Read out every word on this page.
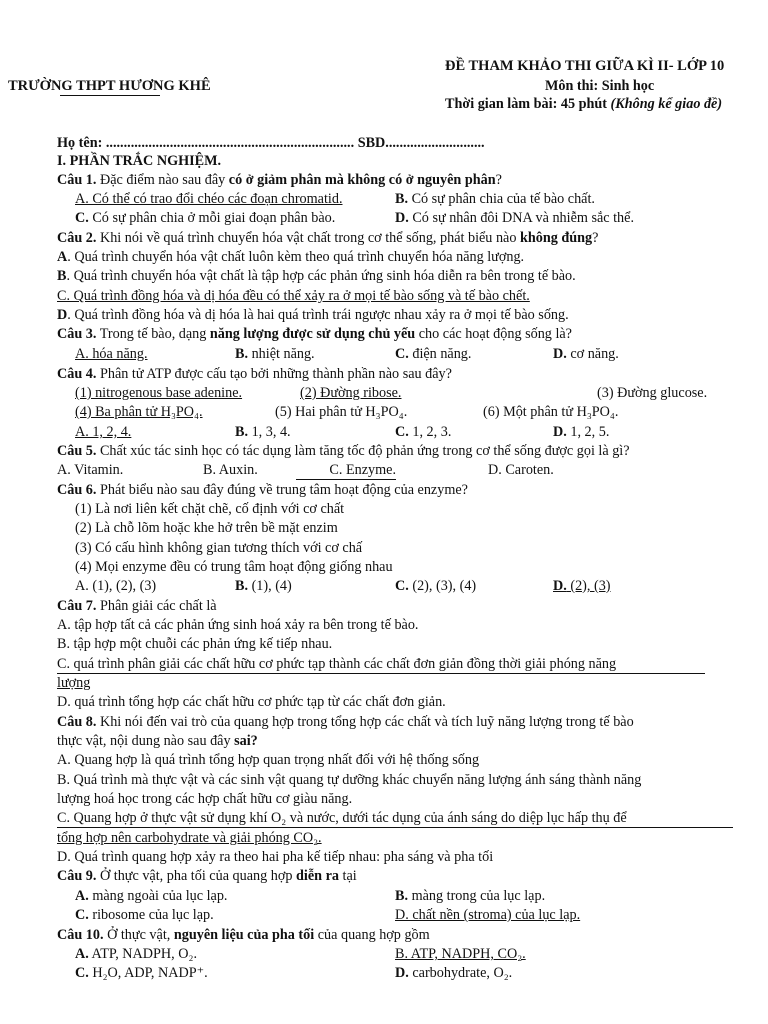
TRƯỜNG THPT HƯƠNG KHÊ
ĐỀ THAM KHẢO THI GIỮA KÌ II- LỚP 10
Môn thi: Sinh học
Thời gian làm bài: 45 phút (Không kể giao đề)
Họ tên: ...................................................................... SBD............................
I. PHẦN TRẮC NGHIỆM.
Câu 1. Đặc điểm nào sau đây có ở giảm phân mà không có ở nguyên phân?
A. Có thể có trao đổi chéo các đoạn chromatid.	B. Có sự phân chia của tế bào chất.
C. Có sự phân chia ở mỗi giai đoạn phân bào.	D. Có sự nhân đôi DNA và nhiễm sắc thể.
Câu 2. Khi nói về quá trình chuyển hóa vật chất trong cơ thể sống, phát biểu nào không đúng?
A. Quá trình chuyển hóa vật chất luôn kèm theo quá trình chuyển hóa năng lượng.
B. Quá trình chuyển hóa vật chất là tập hợp các phản ứng sinh hóa diễn ra bên trong tế bào.
C. Quá trình đồng hóa và dị hóa đều có thể xảy ra ở mọi tế bào sống và tế bào chết.
D. Quá trình đồng hóa và dị hóa là hai quá trình trái ngược nhau xảy ra ở mọi tế bào sống.
Câu 3. Trong tế bào, dạng năng lượng được sử dụng chủ yếu cho các hoạt động sống là?
A. hóa năng.	B. nhiệt năng.	C. điện năng.	D. cơ năng.
Câu 4. Phân tử ATP được cấu tạo bởi những thành phần nào sau đây?
(1) nitrogenous base adenine.	(2) Đường ribose.	(3) Đường glucose.
(4) Ba phân tử H₃PO₄.	(5) Hai phân tử H₃PO₄.	(6) Một phân tử H₃PO₄.
A. 1, 2, 4.	B. 1, 3, 4.	C. 1, 2, 3.	D. 1, 2, 5.
Câu 5. Chất xúc tác sinh học có tác dụng làm tăng tốc độ phản ứng trong cơ thể sống được gọi là gì?
A. Vitamin.	B. Auxin.	C. Enzyme.	D. Caroten.
Câu 6. Phát biểu nào sau đây đúng về trung tâm hoạt động của enzyme?
(1) Là nơi liên kết chặt chẽ, cố định với cơ chất
(2) Là chỗ lõm hoặc khe hở trên bề mặt enzim
(3) Có cấu hình không gian tương thích với cơ chấ
(4) Mọi enzyme đều có trung tâm hoạt động giống nhau
A. (1), (2), (3)	B. (1), (4)	C. (2), (3), (4)	D. (2), (3)
Câu 7. Phân giải các chất là
A. tập hợp tất cả các phản ứng sinh hoá xảy ra bên trong tế bào.
B. tập hợp một chuỗi các phản ứng kế tiếp nhau.
C. quá trình phân giải các chất hữu cơ phức tạp thành các chất đơn giản đồng thời giải phóng năng
lượng
D. quá trình tổng hợp các chất hữu cơ phức tạp từ các chất đơn giản.
Câu 8. Khi nói đến vai trò của quang hợp trong tổng hợp các chất và tích luỹ năng lượng trong tế bào
thực vật, nội dung nào sau đây sai?
A. Quang hợp là quá trình tổng hợp quan trọng nhất đối với hệ thống sống
B. Quá trình mà thực vật và các sinh vật quang tự dưỡng khác chuyển năng lượng ánh sáng thành năng
lượng hoá học trong các hợp chất hữu cơ giàu năng.
C. Quang hợp ở thực vật sử dụng khí O₂ và nước, dưới tác dụng của ánh sáng do diệp lục hấp thụ để
tổng hợp nên carbohydrate và giải phóng CO₂.
D. Quá trình quang hợp xảy ra theo hai pha kế tiếp nhau: pha sáng và pha tối
Câu 9. Ở thực vật, pha tối của quang hợp diễn ra tại
A. màng ngoài của lục lạp.	B. màng trong của lục lạp.
C. ribosome của lục lạp.	D. chất nền (stroma) của lục lạp.
Câu 10. Ở thực vật, nguyên liệu của pha tối của quang hợp gồm
A. ATP, NADPH, O₂.	B. ATP, NADPH, CO₂.
C. H₂O, ADP, NADP⁺.	D. carbohydrate, O₂.
